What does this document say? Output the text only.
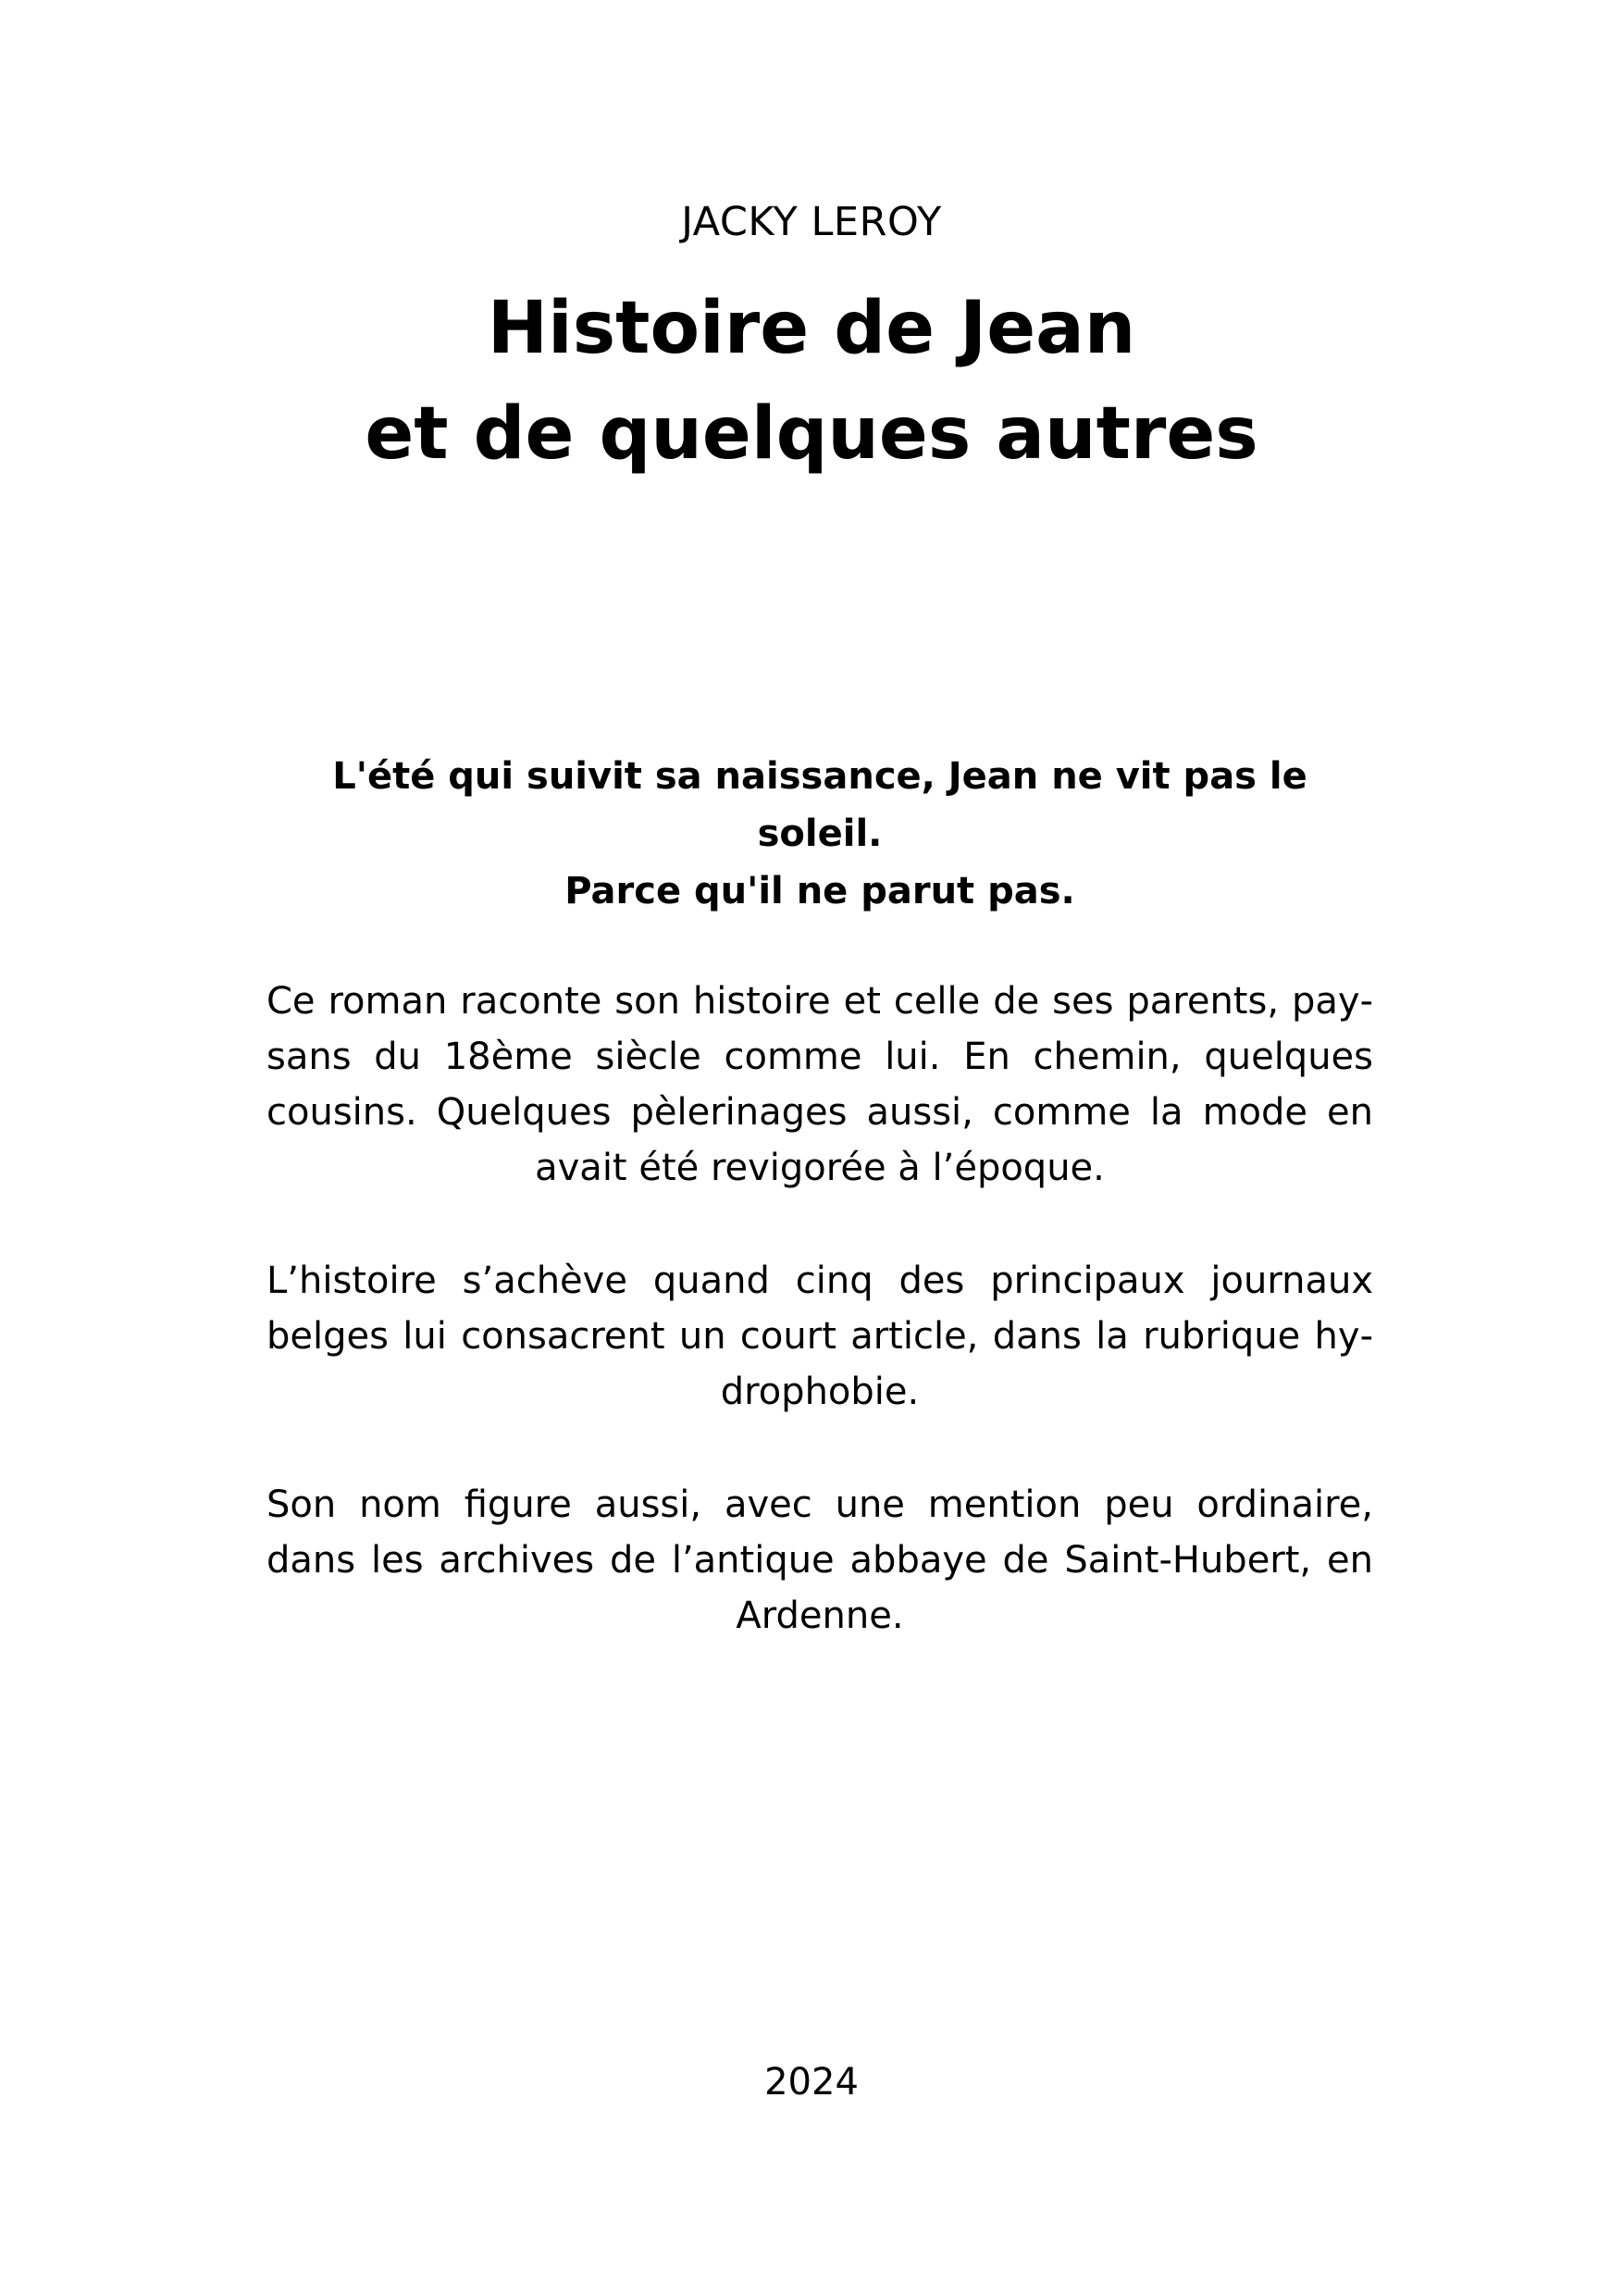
JACKY LEROY
Histoire de Jean
et de quelques autres

L'été qui suivit sa naissance, Jean ne vit pas le soleil.
Parce qu'il ne parut pas.

Ce roman raconte son histoire et celle de ses parents, paysans du 18ème siècle comme lui. En chemin, quelques cousins. Quelques pèlerinages aussi, comme la mode en avait été revigorée à l’époque.

L’histoire s’achève quand cinq des principaux journaux belges lui consacrent un court article, dans la rubrique hydrophobie.

Son nom figure aussi, avec une mention peu ordinaire, dans les archives de l’antique abbaye de Saint-Hubert, en Ardenne.

2024
